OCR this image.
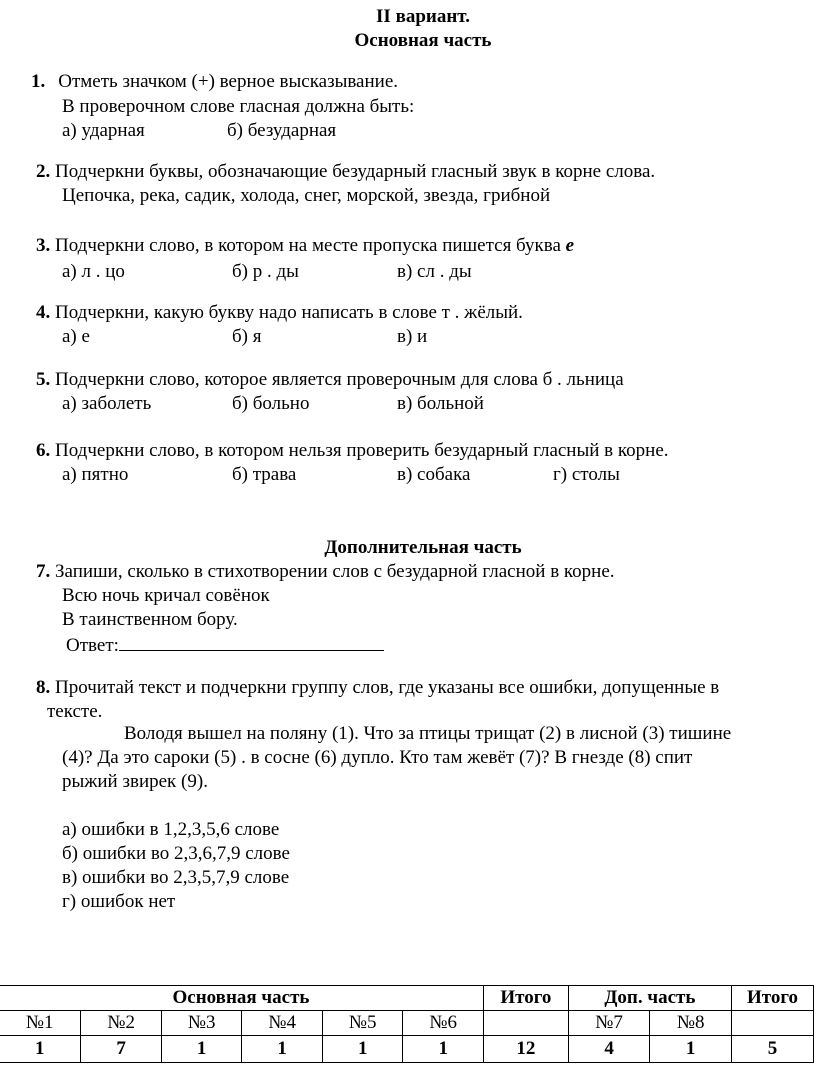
II вариант.
Основная часть
1. Отметь значком (+) верное высказывание.
В проверочном слове гласная должна быть:
а) ударная	б) безударная
2. Подчеркни буквы, обозначающие безударный гласный звук в корне слова.
Цепочка, река, садик, холода, снег, морской, звезда, грибной
3. Подчеркни слово, в котором на месте пропуска пишется буква е
а) л . цо	б) р . ды	в) сл . ды
4. Подчеркни, какую букву надо написать в слове т . жёлый.
а) е	б) я	в) и
5. Подчеркни слово, которое является проверочным для слова б . льница
а) заболеть	б) больно	в) больной
6. Подчеркни слово, в котором нельзя проверить безударный гласный в корне.
а) пятно	б) трава	в) собака	г) столы
Дополнительная часть
7. Запиши, сколько в стихотворении слов с безударной гласной в корне.
Всю ночь кричал совёнок
В таинственном бору.
Ответ:
8. Прочитай текст и подчеркни группу слов, где указаны все ошибки, допущенные в
тексте.
Володя вышел на поляну (1). Что за птицы трищат (2) в лисной (3) тишине
(4)? Да это сароки (5) . в сосне (6) дупло. Кто там жевёт (7)? В гнезде (8) спит
рыжий звирек (9).
а) ошибки в 1,2,3,5,6 слове
б) ошибки во 2,3,6,7,9 слове
в) ошибки во 2,3,5,7,9 слове
г) ошибок нет
Основная часть						Итого	Доп. часть		Итого
№1	№2	№3	№4	№5	№6		№7	№8	
1	7	1	1	1	1	12	4	1	5
